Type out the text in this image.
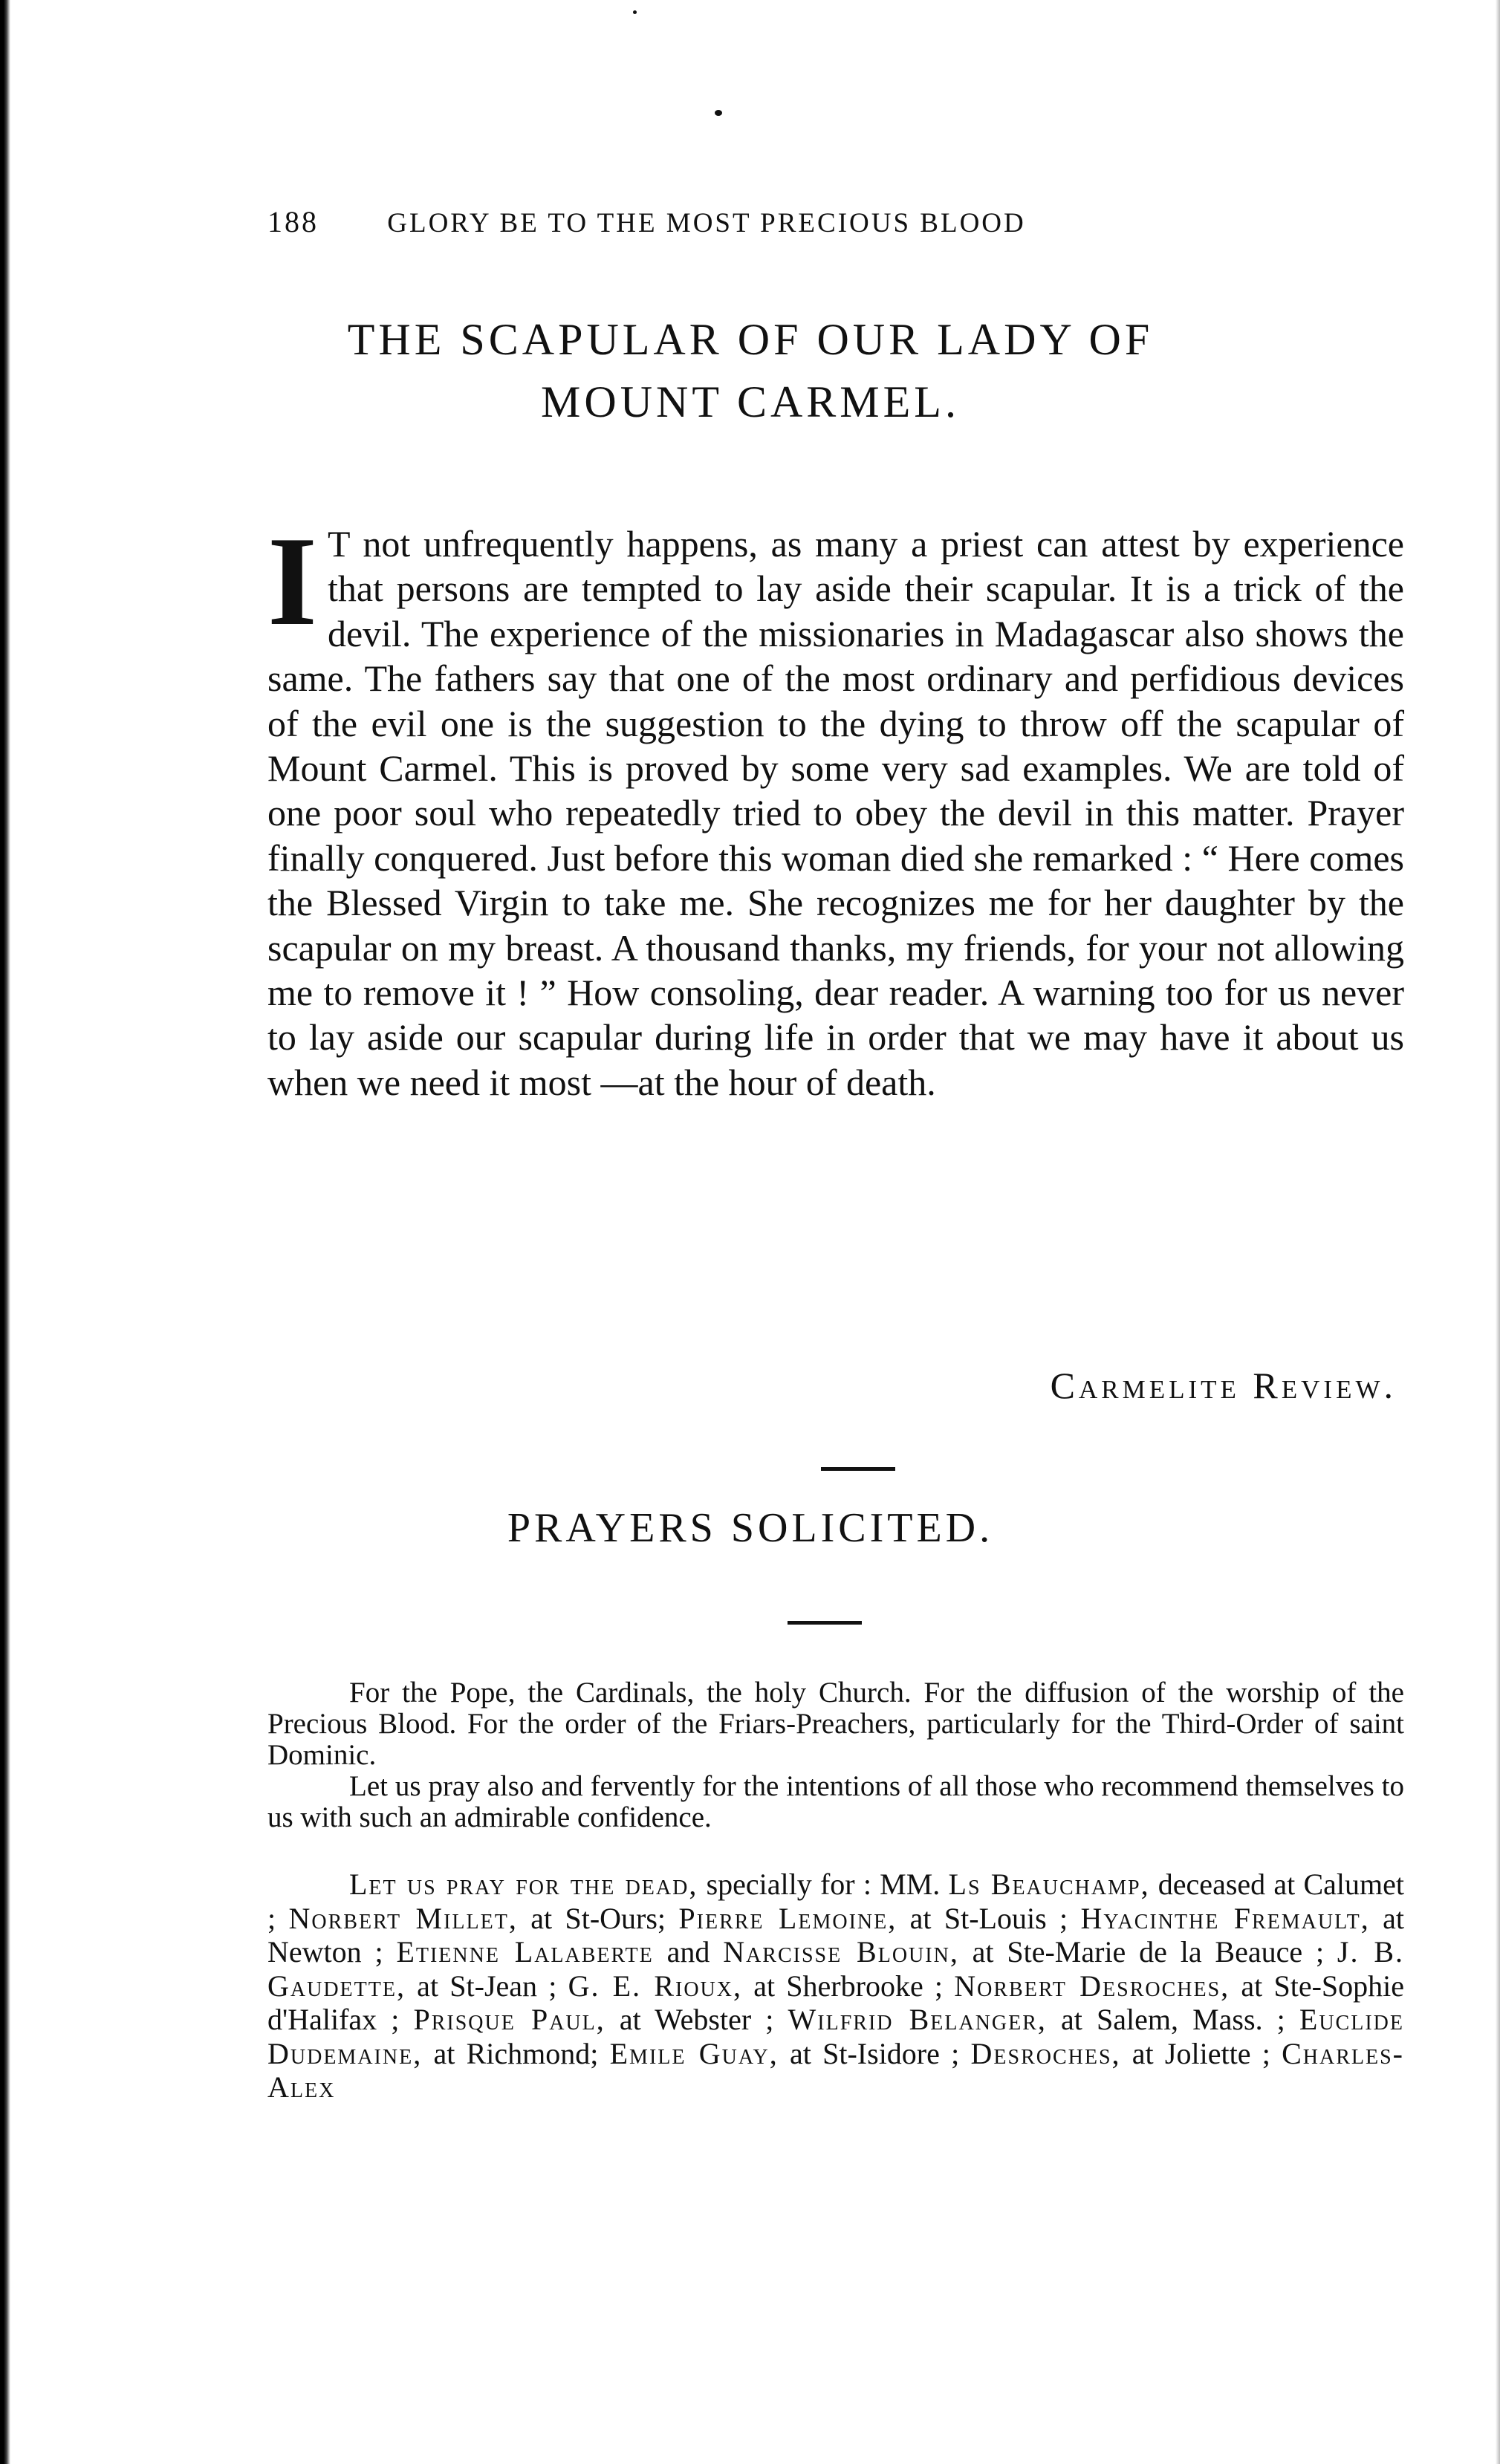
188 GLORY BE TO THE MOST PRECIOUS BLOOD
THE SCAPULAR OF OUR LADY OF
MOUNT CARMEL.
I T not unfrequently happens, as many a priest can attest by experience that persons are tempted to lay aside their scapular. It is a trick of the devil. The experience of the missionaries in Madagascar also shows the same. The fathers say that one of the most ordinary and perfidious devices of the evil one is the suggestion to the dying to throw off the scapular of Mount Carmel. This is proved by some very sad examples. We are told of one poor soul who repeatedly tried to obey the devil in this matter. Prayer finally conquered. Just before this woman died she remarked : “ Here comes the Blessed Virgin to take me. She recognizes me for her daughter by the scapular on my breast. A thousand thanks, my friends, for your not allowing me to remove it ! ” How consoling, dear reader. A warning too for us never to lay aside our scapular during life in order that we may have it about us when we need it most —at the hour of death.
Carmelite Review.
PRAYERS SOLICITED.

For the Pope, the Cardinals, the holy Church. For the diffusion of the worship of the Precious Blood. For the order of the Friars-Preachers, particularly for the Third-Order of saint Dominic.

Let us pray also and fervently for the intentions of all those who recommend themselves to us with such an admirable confidence.

Let us pray for the dead, specially for : MM. Ls Beauchamp, deceased at Calumet ; Norbert Millet, at St-Ours; Pierre Lemoine, at St-Louis ; Hyacinthe Fremault, at Newton ; Etienne Lalaberte and Narcisse Blouin, at Ste-Marie de la Beauce ; J. B. Gaudette, at St-Jean ; G. E. Rioux, at Sherbrooke ; Norbert Desroches, at Ste-Sophie d'Halifax ; Prisque Paul, at Webster ; Wilfrid Belanger, at Salem, Mass. ; Euclide Dudemaine, at Richmond; Emile Guay, at St-Isidore ; Desroches, at Joliette ; Charles-Alex
